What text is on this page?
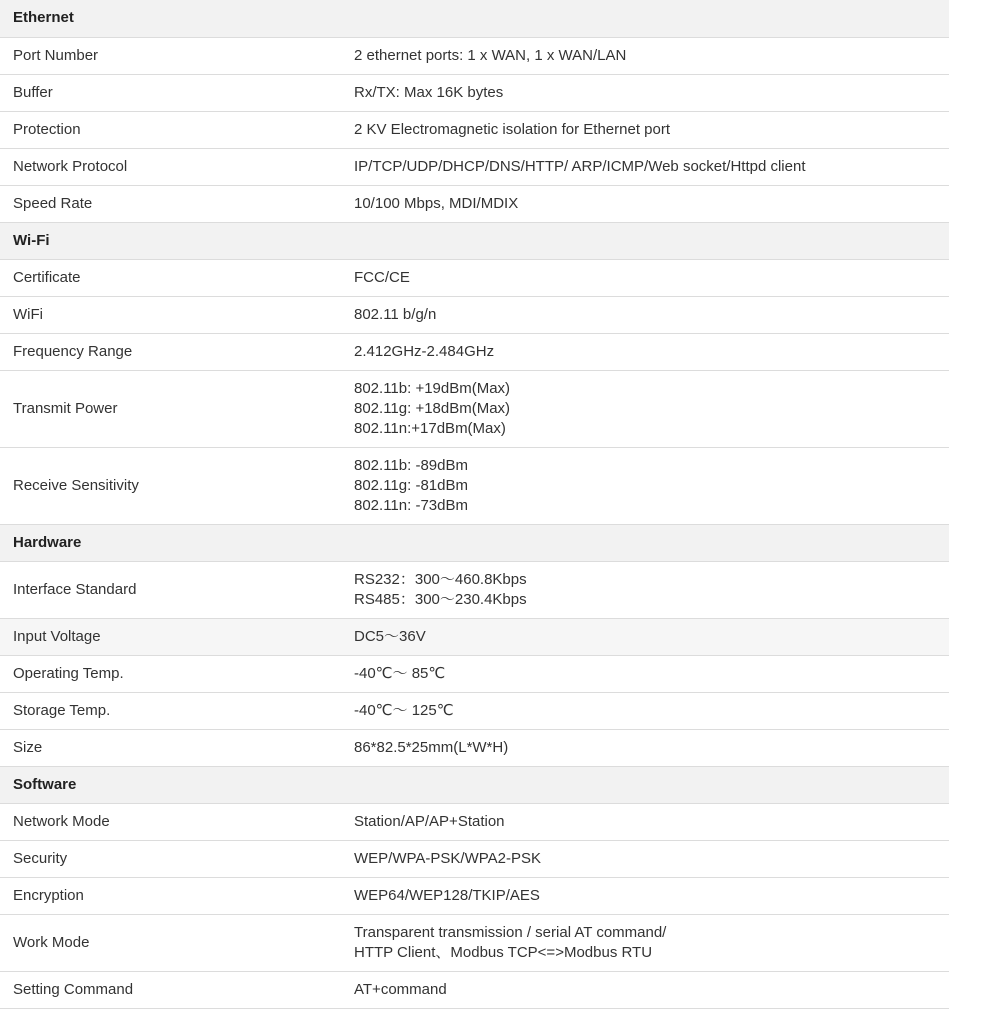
Ethernet	
Port Number	2 ethernet ports: 1 x WAN, 1 x WAN/LAN

Buffer	Rx/TX: Max 16K bytes

Protection	2 KV Electromagnetic isolation for Ethernet port

Network Protocol	IP/TCP/UDP/DHCP/DNS/HTTP/ ARP/ICMP/Web socket/Httpd client

Speed Rate	10/100 Mbps, MDI/MDIX

Wi-Fi	
Certificate	FCC/CE

WiFi	802.11 b/g/n

Frequency Range	2.412GHz-2.484GHz

Transmit Power	802.11b: +19dBm(Max)
802.11g: +18dBm(Max)
802.11n:+17dBm(Max)

Receive Sensitivity	802.11b: -89dBm
802.11g: -81dBm
802.11n: -73dBm

Hardware	
Interface Standard	RS232：300～460.8Kbps
RS485：300～230.4Kbps

Input Voltage	DC5～36V

Operating Temp.	-40℃～ 85℃

Storage Temp.	-40℃～ 125℃

Size	86*82.5*25mm(L*W*H)

Software	
Network Mode	Station/AP/AP+Station

Security	WEP/WPA-PSK/WPA2-PSK

Encryption	WEP64/WEP128/TKIP/AES

Work Mode	Transparent transmission / serial AT command/
HTTP Client、Modbus TCP<=>Modbus RTU

Setting Command	AT+command
